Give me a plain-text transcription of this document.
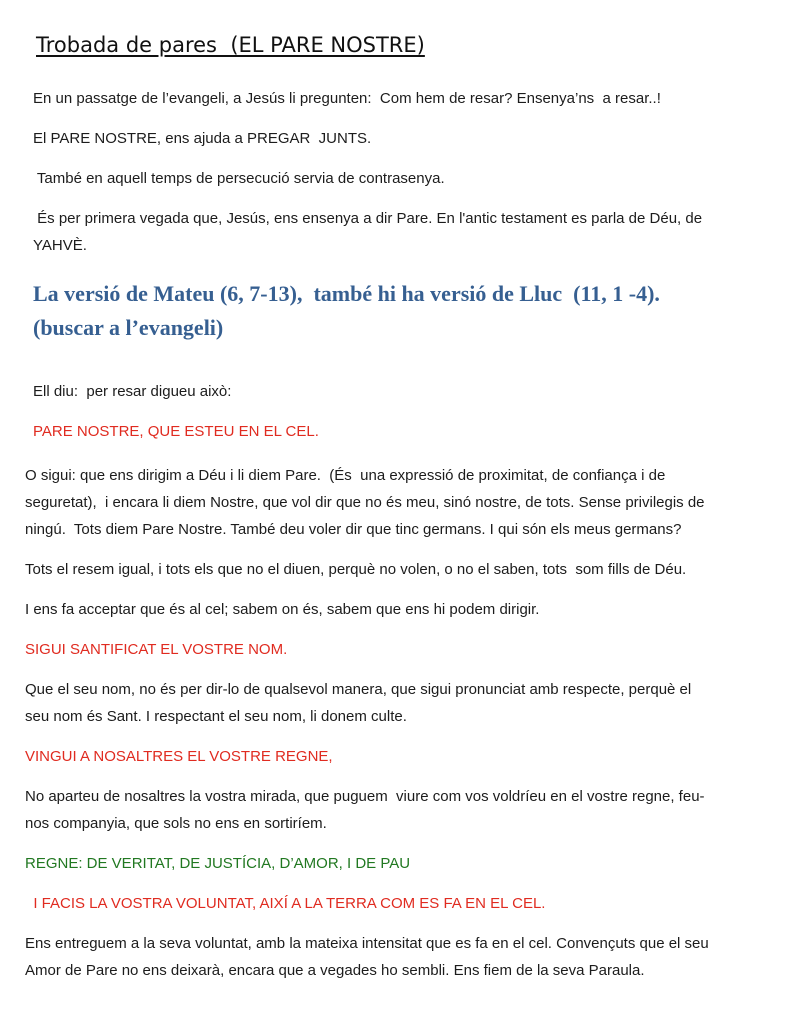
Trobada de pares  (EL PARE NOSTRE)
En un passatge de l’evangeli, a Jesús li pregunten:  Com hem de resar? Ensenya’ns  a resar..!
El PARE NOSTRE, ens ajuda a PREGAR  JUNTS.
També en aquell temps de persecució servia de contrasenya.
És per primera vegada que, Jesús, ens ensenya a dir Pare. En l'antic testament es parla de Déu, de
YAHVÈ.
La versió de Mateu (6, 7-13),  també hi ha versió de Lluc  (11, 1 -4).
(buscar a l’evangeli)
Ell diu:  per resar digueu això:
PARE NOSTRE, QUE ESTEU EN EL CEL.
O sigui: que ens dirigim a Déu i li diem Pare.  (És  una expressió de proximitat, de confiança i de
seguretat),  i encara li diem Nostre, que vol dir que no és meu, sinó nostre, de tots. Sense privilegis de
ningú.  Tots diem Pare Nostre. També deu voler dir que tinc germans. I qui són els meus germans?
Tots el resem igual, i tots els que no el diuen, perquè no volen, o no el saben, tots  som fills de Déu.
I ens fa acceptar que és al cel; sabem on és, sabem que ens hi podem dirigir.
SIGUI SANTIFICAT EL VOSTRE NOM.
Que el seu nom, no és per dir-lo de qualsevol manera, que sigui pronunciat amb respecte, perquè el
seu nom és Sant. I respectant el seu nom, li donem culte.
VINGUI A NOSALTRES EL VOSTRE REGNE,
No aparteu de nosaltres la vostra mirada, que puguem  viure com vos voldríeu en el vostre regne, feu-
nos companyia, que sols no ens en sortiríem.
REGNE: DE VERITAT, DE JUSTÍCIA, D’AMOR, I DE PAU
I FACIS LA VOSTRA VOLUNTAT, AIXÍ A LA TERRA COM ES FA EN EL CEL.
Ens entreguem a la seva voluntat, amb la mateixa intensitat que es fa en el cel. Convençuts que el seu
Amor de Pare no ens deixarà, encara que a vegades ho sembli. Ens fiem de la seva Paraula.
